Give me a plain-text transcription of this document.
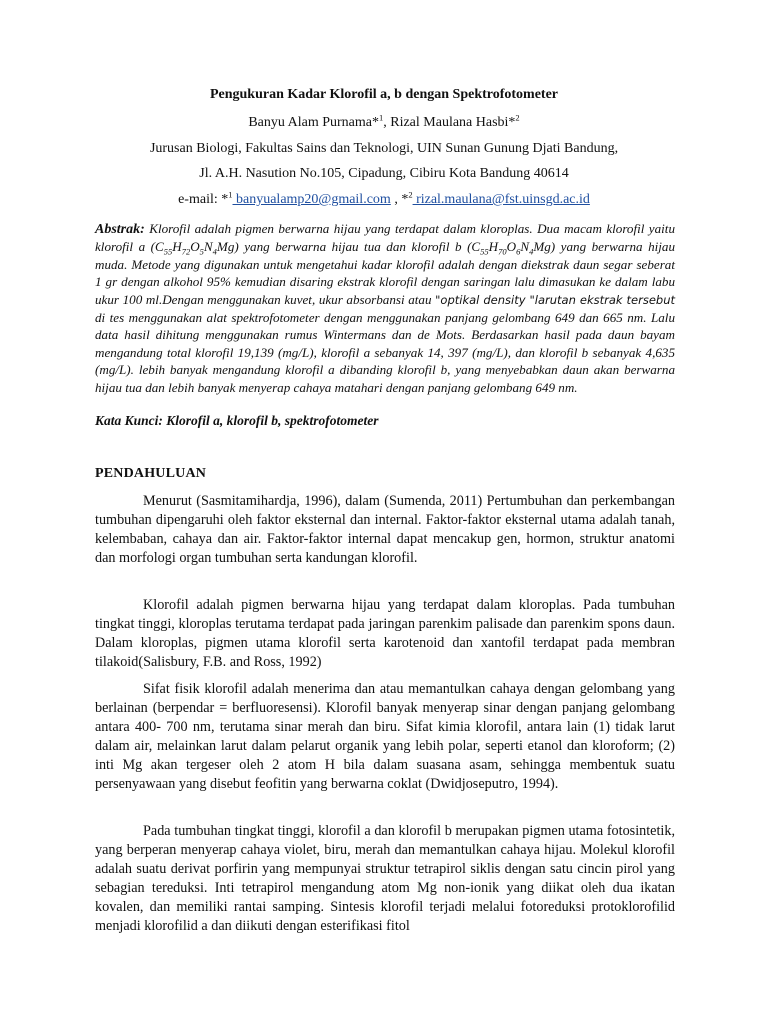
Pengukuran Kadar Klorofil a, b dengan Spektrofotometer
Banyu Alam Purnama*$^1$, Rizal Maulana Hasbi*$^2$
Jurusan Biologi, Fakultas Sains dan Teknologi, UIN Sunan Gunung Djati Bandung,
Jl. A.H. Nasution No.105, Cipadung, Cibiru Kota Bandung 40614
e-mail: *$^1$ banyualamp20@gmail.com , *$^2$ rizal.maulana@fst.uinsgd.ac.id
Abstrak: Klorofil adalah pigmen berwarna hijau yang terdapat dalam kloroplas. Dua macam klorofil yaitu klorofil a $(C_{55}H_{72}O_5N_4Mg)$ yang berwarna hijau tua dan klorofil b $(C_{55}H_{70}O_6N_4Mg)$ yang berwarna hijau muda. Metode yang digunakan untuk mengetahui kadar klorofil adalah dengan diekstrak daun segar seberat 1 gr dengan alkohol 95% kemudian disaring ekstrak klorofil dengan saringan lalu dimasukan ke dalam labu ukur 100 ml.Dengan menggunakan kuvet, ukur absorbansi atau "optikal density "larutan ekstrak tersebut di tes menggunakan alat spektrofotometer dengan menggunakan panjang gelombang 649 dan 665 nm. Lalu data hasil dihitung menggunakan rumus Wintermans dan de Mots. Berdasarkan hasil pada daun bayam mengandung total klorofil 19,139 (mg/L), klorofil a sebanyak 14, 397 (mg/L), dan klorofil b sebanyak 4,635 (mg/L). lebih banyak mengandung klorofil a dibanding klorofil b, yang menyebabkan daun akan berwarna hijau tua dan lebih banyak menyerap cahaya matahari dengan panjang gelombang 649 nm.
Kata Kunci: Klorofil a, klorofil b, spektrofotometer
PENDAHULUAN

Menurut (Sasmitamihardja, 1996), dalam (Sumenda, 2011) Pertumbuhan dan perkembangan tumbuhan dipengaruhi oleh faktor eksternal dan internal. Faktor-faktor eksternal utama adalah tanah, kelembaban, cahaya dan air. Faktor-faktor internal dapat mencakup gen, hormon, struktur anatomi dan morfologi organ tumbuhan serta kandungan klorofil.

Klorofil adalah pigmen berwarna hijau yang terdapat dalam kloroplas. Pada tumbuhan tingkat tinggi, kloroplas terutama terdapat pada jaringan parenkim palisade dan parenkim spons daun. Dalam kloroplas, pigmen utama klorofil serta karotenoid dan xantofil terdapat pada membran tilakoid(Salisbury, F.B. and Ross, 1992)

Sifat fisik klorofil adalah menerima dan atau memantulkan cahaya dengan gelombang yang berlainan (berpendar = berfluoresensi). Klorofil banyak menyerap sinar dengan panjang gelombang antara 400- 700 nm, terutama sinar merah dan biru. Sifat kimia klorofil, antara lain (1) tidak larut dalam air, melainkan larut dalam pelarut organik yang lebih polar, seperti etanol dan kloroform; (2) inti Mg akan tergeser oleh 2 atom H bila dalam suasana asam, sehingga membentuk suatu persenyawaan yang disebut feofitin yang berwarna coklat (Dwidjoseputro, 1994).

Pada tumbuhan tingkat tinggi, klorofil a dan klorofil b merupakan pigmen utama fotosintetik, yang berperan menyerap cahaya violet, biru, merah dan memantulkan cahaya hijau. Molekul klorofil adalah suatu derivat porfirin yang mempunyai struktur tetrapirol siklis dengan satu cincin pirol yang sebagian tereduksi. Inti tetrapirol mengandung atom Mg non-ionik yang diikat oleh dua ikatan kovalen, dan memiliki rantai samping. Sintesis klorofil terjadi melalui fotoreduksi protoklorofilid menjadi klorofilid a dan diikuti dengan esterifikasi fitol
